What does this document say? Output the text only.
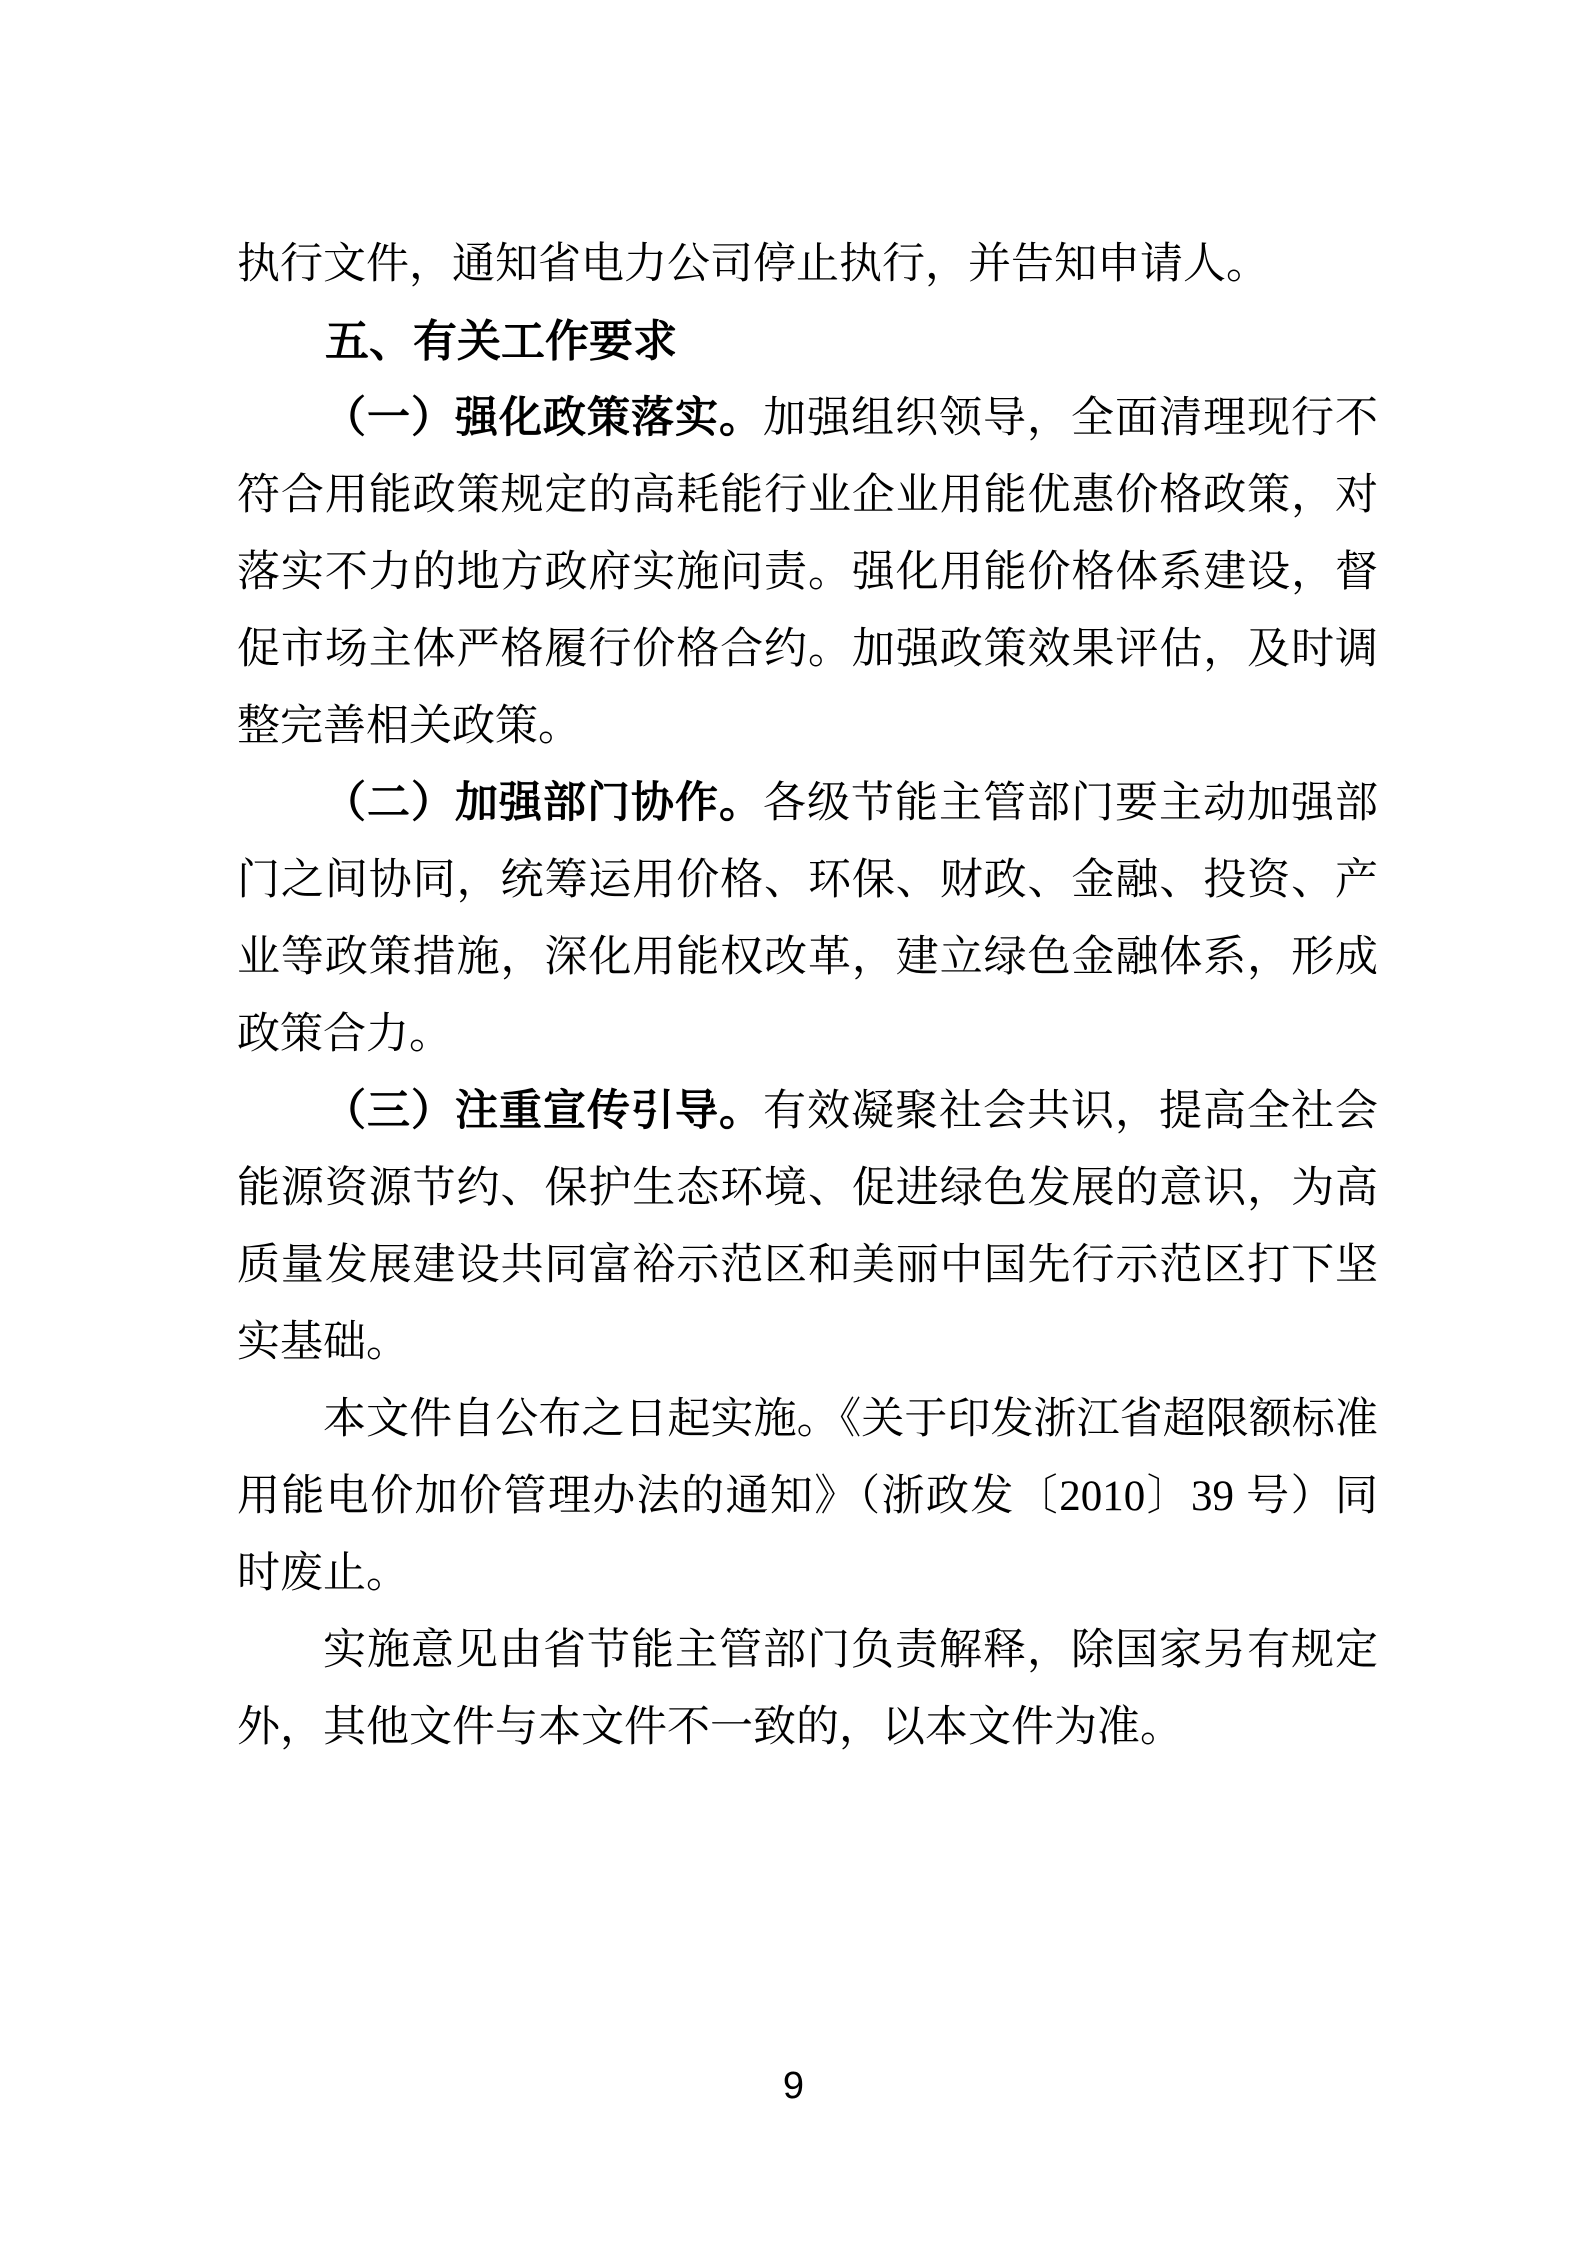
执行文件，通知省电力公司停止执行，并告知申请人。

五、有关工作要求

（一）强化政策落实。加强组织领导，全面清理现行不符合用能政策规定的高耗能行业企业用能优惠价格政策，对落实不力的地方政府实施问责。强化用能价格体系建设，督促市场主体严格履行价格合约。加强政策效果评估，及时调整完善相关政策。

（二）加强部门协作。各级节能主管部门要主动加强部门之间协同，统筹运用价格、环保、财政、金融、投资、产业等政策措施，深化用能权改革，建立绿色金融体系，形成政策合力。

（三）注重宣传引导。有效凝聚社会共识，提高全社会能源资源节约、保护生态环境、促进绿色发展的意识，为高质量发展建设共同富裕示范区和美丽中国先行示范区打下坚实基础。

本文件自公布之日起实施。《关于印发浙江省超限额标准用能电价加价管理办法的通知》（浙政发〔2010〕39 号）同时废止。

实施意见由省节能主管部门负责解释，除国家另有规定外，其他文件与本文件不一致的，以本文件为准。

9
